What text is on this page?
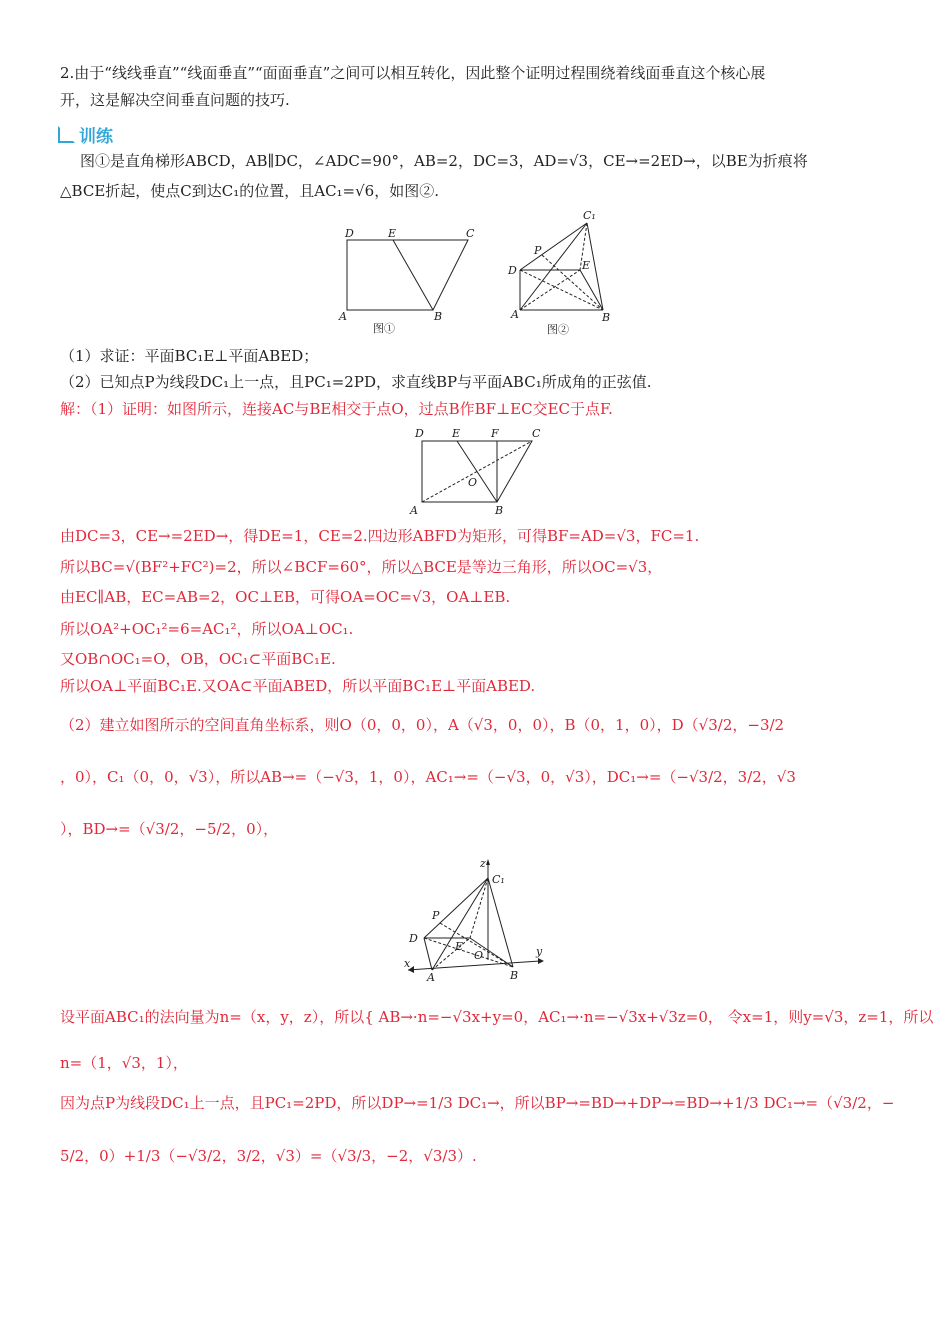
2.由于“线线垂直”“线面垂直”“面面垂直”之间可以相互转化，因此整个证明过程围绕着线面垂直这个核心展
开，这是解决空间垂直问题的技巧.
训练
图①是直角梯形ABCD，AB∥DC，∠ADC=90°，AB=2，DC=3，AD=√3，CE→=2ED→，以BE为折痕将
△BCE折起，使点C到达C₁的位置，且AC₁=√6，如图②.
D	E	C
A	B
图①
C₁
P
D	E
A	B
图②
（1）求证：平面BC₁E⊥平面ABED；
（2）已知点P为线段DC₁上一点，且PC₁=2PD，求直线BP与平面ABC₁所成角的正弦值.
解：（1）证明：如图所示，连接AC与BE相交于点O，过点B作BF⊥EC交EC于点F.
D	E	F	C
O
A	B
由DC=3，CE→=2ED→，得DE=1，CE=2.四边形ABFD为矩形，可得BF=AD=√3，FC=1.
所以BC=√(BF²+FC²)=2，所以∠BCF=60°，所以△BCE是等边三角形，所以OC=√3，
由EC∥AB，EC=AB=2，OC⊥EB，可得OA=OC=√3，OA⊥EB.
所以OA²+OC₁²=6=AC₁²，所以OA⊥OC₁.
又OB∩OC₁=O，OB，OC₁⊂平面BC₁E.
所以OA⊥平面BC₁E.又OA⊂平面ABED，所以平面BC₁E⊥平面ABED.
（2）建立如图所示的空间直角坐标系，则O（0，0，0），A（√3，0，0），B（0，1，0），D（√3/2，−3/2
，0），C₁（0，0，√3），所以AB→=（−√3，1，0），AC₁→=（−√3，0，√3），DC₁→=（−√3/2，3/2，√3
），BD→=（√3/2，−5/2，0），
z
C₁
P
D
E
O
x
A	B
y
设平面ABC₁的法向量为n=（x，y，z），所以{ AB→·n=−√3x+y=0，AC₁→·n=−√3x+√3z=0， 令x=1，则y=√3，z=1，所以
n=（1，√3，1），
因为点P为线段DC₁上一点，且PC₁=2PD，所以DP→=1/3 DC₁→，所以BP→=BD→+DP→=BD→+1/3 DC₁→=（√3/2，−
5/2，0）+1/3（−√3/2，3/2，√3）=（√3/3，−2，√3/3）.
